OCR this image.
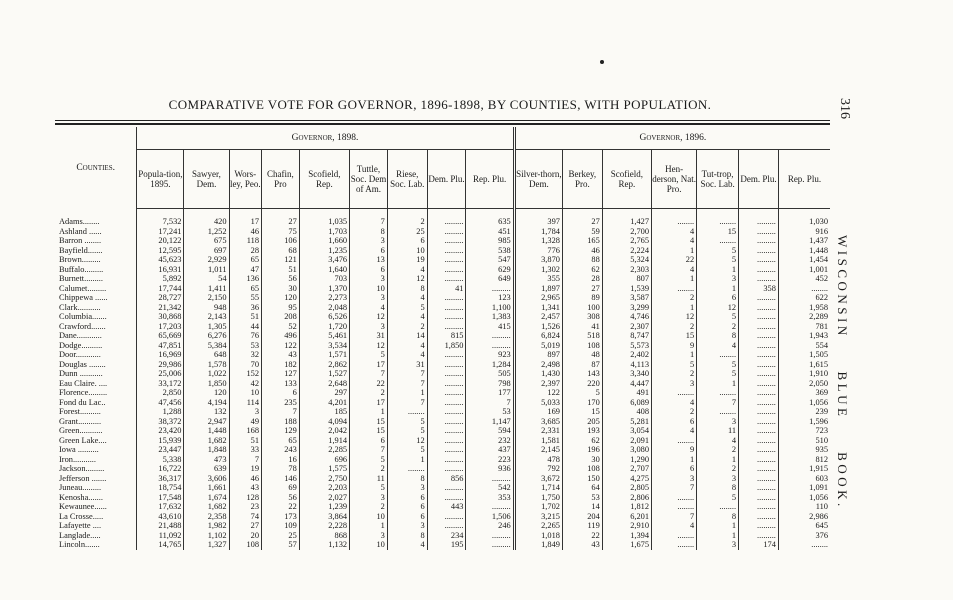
COMPARATIVE VOTE FOR GOVERNOR, 1896-1898, BY COUNTIES, WITH POPULATION.	316
WISCONSIN BLUE BOOK.
Counties.	Governor, 1898.									Governor, 1896.						
	Popula-tion, 1895.	Sawyer, Dem.	Wors-ley, Peo.	Chafin, Pro	Scofield, Rep.	Tuttle, Soc. Dem of Am.	Riese, Soc. Lab.	Dem. Plu.	Rep. Plu.	Silver-thorn, Dem.	Berkey, Pro.	Scofield, Rep.	Hen-derson, Nat. Pro.	Tut-trop, Soc. Lab.	Dem. Plu.	Rep. Plu.
Adams........	7,532	420	17	27	1,035	7	2	.........	635	397	27	1,427	........	........	.........	1,030
Ashland ......	17,241	1,252	46	75	1,703	8	25	.........	451	1,784	59	2,700	4	15	.........	916
Barron ........	20,122	675	118	106	1,660	3	6	.........	985	1,328	165	2,765	4	........	.........	1,437
Bayfield.......	12,595	697	28	68	1,235	6	10	.........	538	776	46	2,224	1	5	.........	1,448
Brown.........	45,623	2,929	65	121	3,476	13	19	.........	547	3,870	88	5,324	22	5	.........	1,454
Buffalo.........	16,931	1,011	47	51	1,640	6	4	.........	629	1,302	62	2,303	4	1	.........	1,001
Burnett.........	5,892	54	136	56	703	3	12	.........	649	355	28	807	1	3	.........	452
Calumet.........	17,744	1,411	65	30	1,370	10	8	41	.........	1,897	27	1,539	........	1	358	........
Chippewa ......	28,727	2,150	55	120	2,273	3	4	.........	123	2,965	89	3,587	2	6	.........	622
Clark...........	21,342	948	36	95	2,048	4	5	.........	1,100	1,341	100	3,299	1	12	.........	1,958
Columbia.......	30,868	2,143	51	208	6,526	12	4	.........	1,383	2,457	308	4,746	12	5	.........	2,289
Crawford.......	17,203	1,305	44	52	1,720	3	2	.........	415	1,526	41	2,307	2	2	.........	781
Dane............	65,669	6,276	76	496	5,461	31	14	815	.........	6,824	518	8,747	15	8	.........	1,943
Dodge..........	47,851	5,384	53	122	3,534	12	4	1,850	.........	5,019	108	5,573	9	4	.........	554
Door............	16,969	648	32	43	1,571	5	4	.........	923	897	48	2,402	1	........	.........	1,505
Douglas ........	29,986	1,578	70	182	2,862	17	31	.........	1,284	2,498	87	4,113	5	5	.........	1,615
Dunn ...........	25,006	1,022	152	127	1,527	7	7	.........	505	1,430	143	3,340	2	5	.........	1,910
Eau Claire. ....	33,172	1,850	42	133	2,648	22	7	.........	798	2,397	220	4,447	3	1	.........	2,050
Florence.........	2,850	120	10	6	297	2	1	.........	177	122	5	491	........	........	.........	369
Fond du Lac..	47,456	4,194	114	235	4,201	17	7	.........	7	5,033	170	6,089	4	7	.........	1,056
Forest..........	1,288	132	3	7	185	1	........	.........	53	169	15	408	2	........	.........	239
Grant...........	38,372	2,947	49	188	4,094	15	5	.........	1,147	3,685	205	5,281	6	3	.........	1,596
Green...........	23,420	1,448	168	129	2,042	15	5	.........	594	2,331	193	3,054	4	11	.........	723
Green Lake....	15,939	1,682	51	65	1,914	6	12	.........	232	1,581	62	2,091	........	4	.........	510
Iowa ..........	23,447	1,848	33	243	2,285	7	5	.........	437	2,145	196	3,080	9	2	.........	935
Iron...........	5,338	473	7	16	696	5	1	.........	223	478	30	1,290	1	1	.........	812
Jackson.........	16,722	639	19	78	1,575	2	........	.........	936	792	108	2,707	6	2	.........	1,915
Jefferson .......	36,317	3,606	46	146	2,750	11	8	856	.........	3,672	150	4,275	3	3	.........	603
Juneau.........	18,754	1,661	43	69	2,203	5	3	.........	542	1,714	64	2,805	7	8	.........	1,091
Kenosha.......	17,548	1,674	128	56	2,027	3	6	.........	353	1,750	53	2,806	........	5	.........	1,056
Kewaunee......	17,632	1,682	23	22	1,239	2	6	443	.........	1,702	14	1,812	........	........	.........	110
La Crosse.....	43,610	2,358	74	173	3,864	10	6	.........	1,506	3,215	204	6,201	7	8	.........	2,986
Lafayette ....	21,488	1,982	27	109	2,228	1	3	.........	246	2,265	119	2,910	4	1	.........	645
Langlade.....	11,092	1,102	20	25	868	3	8	234	.........	1,018	22	1,394	........	1	.........	376
Lincoln.......	14,765	1,327	108	57	1,132	10	4	195	.........	1,849	43	1,675	........	3	174	........
